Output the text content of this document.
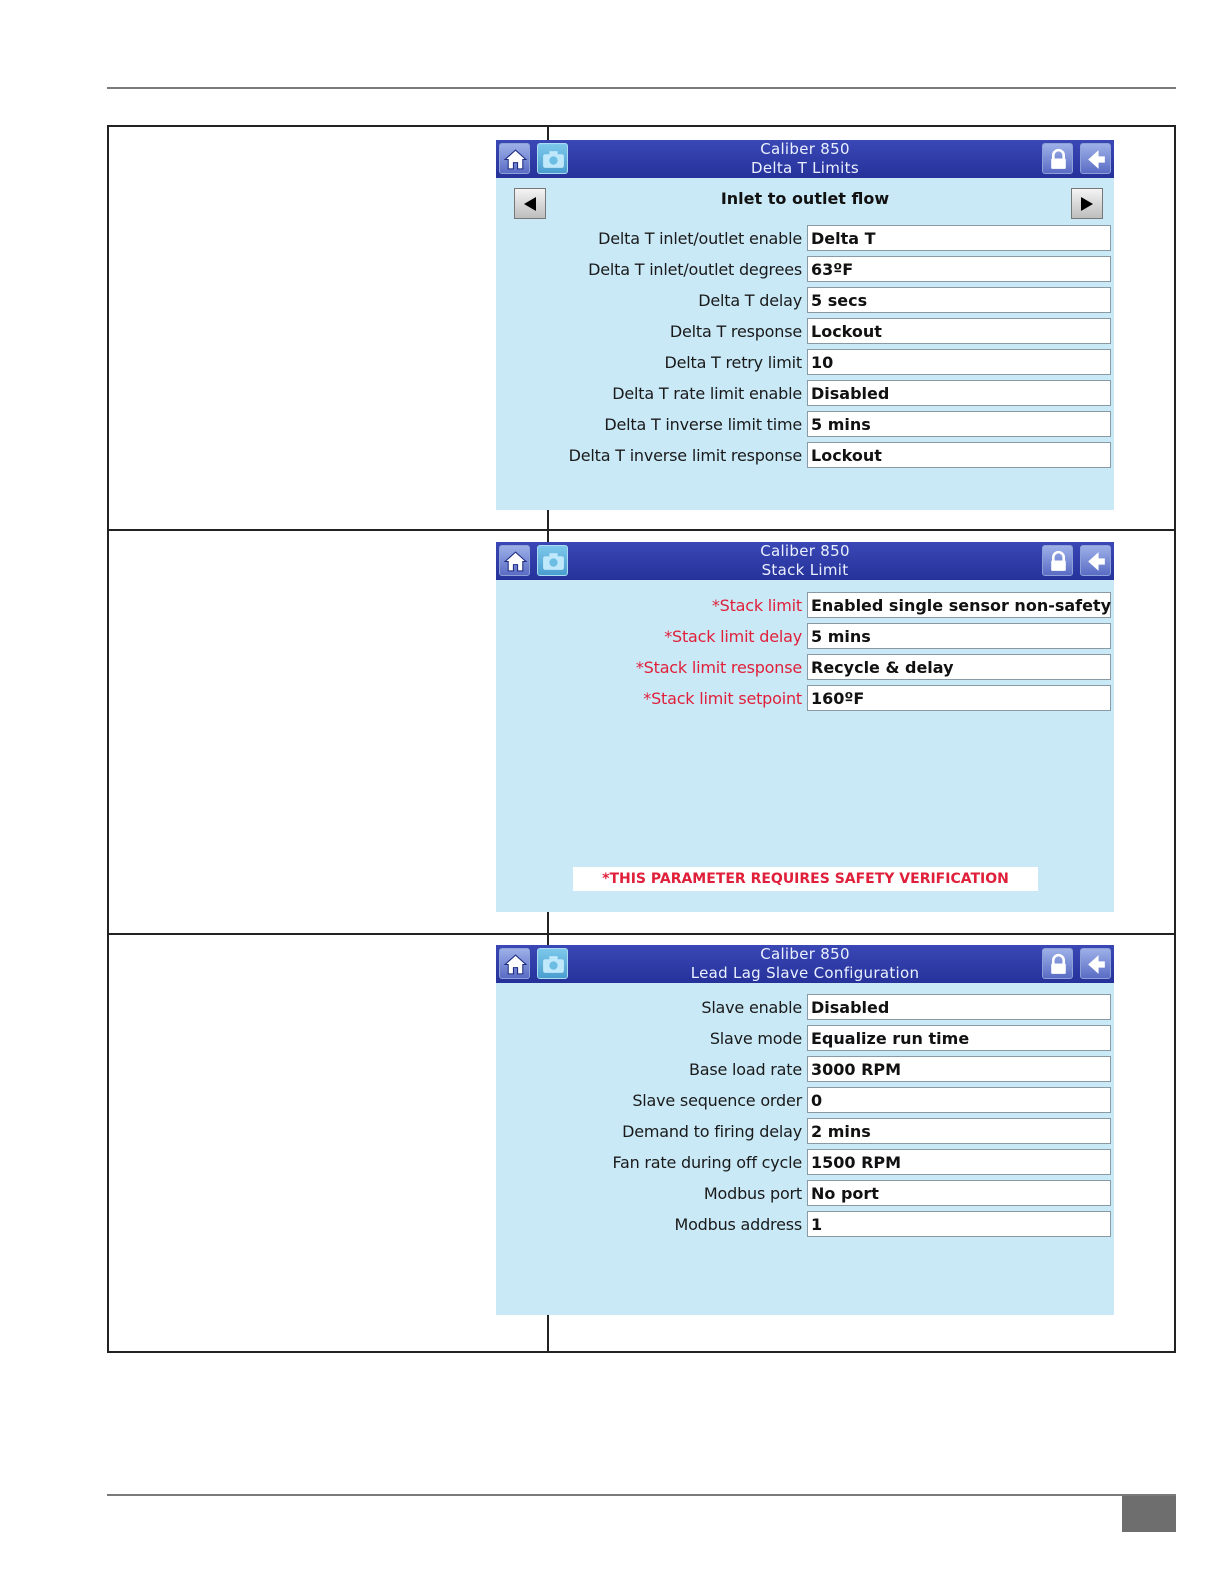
Caliber 850
Delta T Limits
Inlet to outlet flow
Delta T inlet/outlet enable Delta T
Delta T inlet/outlet degrees 63ºF
Delta T delay 5 secs
Delta T response Lockout
Delta T retry limit 10
Delta T rate limit enable Disabled
Delta T inverse limit time 5 mins
Delta T inverse limit response Lockout
Caliber 850
Stack Limit
*Stack limit Enabled single sensor non-safety
*Stack limit delay 5 mins
*Stack limit response Recycle & delay
*Stack limit setpoint 160ºF
*THIS PARAMETER REQUIRES SAFETY VERIFICATION
Caliber 850
Lead Lag Slave Configuration
Slave enable Disabled
Slave mode Equalize run time
Base load rate 3000 RPM
Slave sequence order 0
Demand to firing delay 2 mins
Fan rate during off cycle 1500 RPM
Modbus port No port
Modbus address 1
